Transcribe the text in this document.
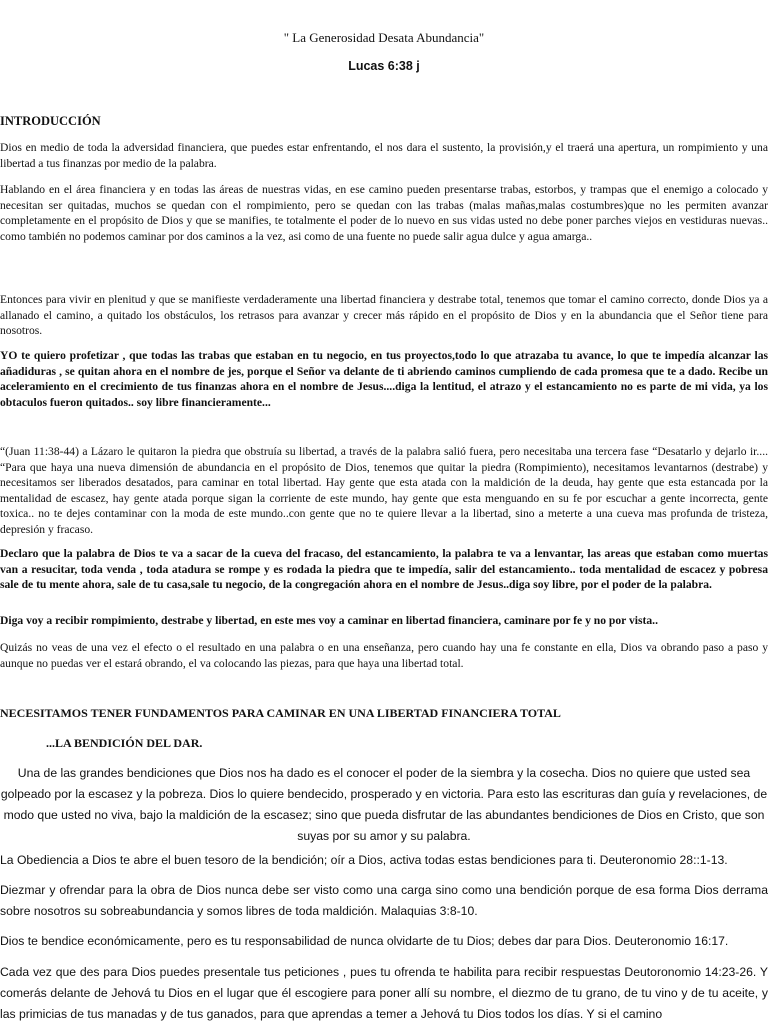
" La Generosidad Desata Abundancia"
Lucas 6:38 j
INTRODUCCIÓN

Dios en medio de toda la adversidad financiera, que puedes estar enfrentando, el nos dara el sustento, la provisión,y el traerá una apertura, un rompimiento y una libertad a tus finanzas por medio de la palabra.

Hablando en el área financiera y en todas las áreas de nuestras vidas, en ese camino pueden presentarse trabas, estorbos, y trampas que el enemigo a colocado y necesitan ser quitadas, muchos se quedan con el rompimiento, pero se quedan con las trabas (malas mañas,malas costumbres)que no les permiten avanzar completamente en el propósito de Dios y que se manifies, te totalmente el poder de lo nuevo en sus vidas usted no debe poner parches viejos en vestiduras nuevas.. como también no podemos caminar por dos caminos a la vez, asi como de una fuente no puede salir agua dulce y agua amarga..

Entonces para vivir en plenitud y que se manifieste verdaderamente una libertad financiera y destrabe total, tenemos que tomar el camino correcto, donde Dios ya a allanado el camino, a quitado los obstáculos, los retrasos para avanzar y crecer más rápido en el propósito de Dios y en la abundancia que el Señor tiene para nosotros.

YO te quiero profetizar , que todas las trabas que estaban en tu negocio, en tus proyectos,todo lo que atrazaba tu avance, lo que te impedía alcanzar las añadiduras , se quitan ahora en el nombre de jes, porque el Señor va delante de ti abriendo caminos cumpliendo de cada promesa que te a dado. Recibe un aceleramiento en el crecimiento de tus finanzas ahora en el nombre de Jesus....diga la lentitud, el atrazo y el estancamiento no es parte de mi vida, ya los obtaculos fueron quitados.. soy libre financieramente...

“(Juan 11:38-44) a Lázaro le quitaron la piedra que obstruía su libertad, a través de la palabra salió fuera, pero necesitaba una tercera fase “Desatarlo y dejarlo ir.... “Para que haya una nueva dimensión de abundancia en el propósito de Dios, tenemos que quitar la piedra (Rompimiento), necesitamos levantarnos (destrabe) y necesitamos ser liberados desatados, para caminar en total libertad. Hay gente que esta atada con la maldición de la deuda, hay gente que esta estancada por la mentalidad de escasez, hay gente atada porque sigan la corriente de este mundo, hay gente que esta menguando en su fe por escuchar a gente incorrecta, gente toxica.. no te dejes contaminar con la moda de este mundo..con gente que no te quiere llevar a la libertad, sino a meterte a una cueva mas profunda de tristeza, depresión y fracaso.

Declaro que la palabra de Dios te va a sacar de la cueva del fracaso, del estancamiento, la palabra te va a lenvantar, las areas que estaban como muertas van a resucitar, toda venda , toda atadura se rompe y es rodada la piedra que te impedía, salir del estancamiento.. toda mentalidad de escacez y pobresa sale de tu mente ahora, sale de tu casa,sale tu negocio, de la congregación ahora en el nombre de Jesus..diga soy libre, por el poder de la palabra.

Diga voy a recibir rompimiento, destrabe y libertad, en este mes voy a caminar en libertad financiera, caminare por fe y no por vista..

Quizás no veas de una vez el efecto o el resultado en una palabra o en una enseñanza, pero cuando hay una fe constante en ella, Dios va obrando paso a paso y aunque no puedas ver el estará obrando, el va colocando las piezas, para que haya una libertad total.

NECESITAMOS TENER FUNDAMENTOS PARA CAMINAR EN UNA LIBERTAD FINANCIERA TOTAL
...LA BENDICIÓN DEL DAR.

Una de las grandes bendiciones que Dios nos ha dado es el conocer el poder de la siembra y la cosecha. Dios no quiere que usted sea golpeado por la escasez y la pobreza. Dios lo quiere bendecido, prosperado y en victoria. Para esto las escrituras dan guía y revelaciones, de modo que usted no viva, bajo la maldición de la escasez; sino que pueda disfrutar de las abundantes bendiciones de Dios en Cristo, que son suyas por su amor y su palabra.

La Obediencia a Dios te abre el buen tesoro de la bendición; oír a Dios, activa todas estas bendiciones para ti. Deuteronomio 28::1-13.

Diezmar y ofrendar para la obra de Dios nunca debe ser visto como una carga sino como una bendición porque de esa forma Dios derrama sobre nosotros su sobreabundancia y somos libres de toda maldición. Malaquias 3:8-10.

Dios te bendice económicamente, pero es tu responsabilidad de nunca olvidarte de tu Dios; debes dar para Dios. Deuteronomio 16:17.

Cada vez que des para Dios puedes presentale tus peticiones , pues tu ofrenda te habilita para recibir respuestas Deutoronomio 14:23-26. Y comerás delante de Jehová tu Dios en el lugar que él escogiere para poner allí su nombre, el diezmo de tu grano, de tu vino y de tu aceite, y las primicias de tus manadas y de tus ganados, para que aprendas a temer a Jehová tu Dios todos los días. Y si el camino
